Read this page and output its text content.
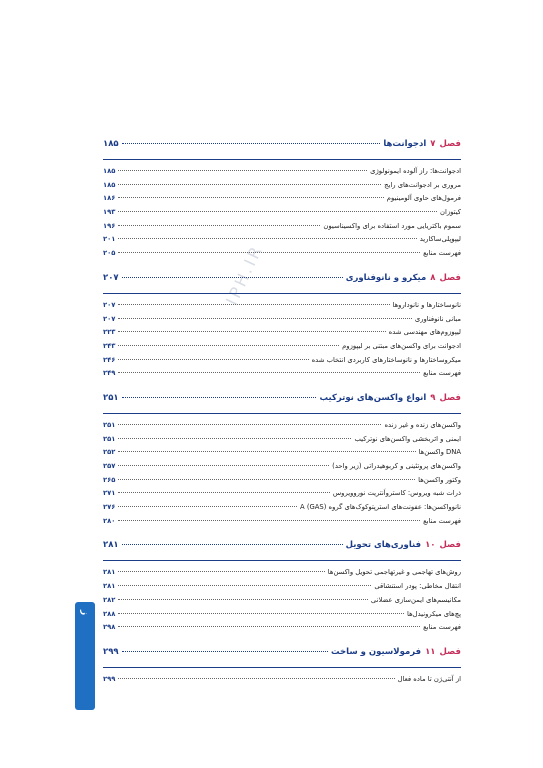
IPH.IR
فصل
۷
ادجوانت‌ها
۱۸۵
ادجوانت‌ها: راز آلوده ایمونولوژی
۱۸۵
مروری بر ادجوانت‌های رایج
۱۸۵
فرمول‌های حاوی آلومینیوم
۱۸۶
کیتوزان
۱۹۳
سموم باکتریایی مورد استفاده برای واکسیناسیون
۱۹۶
لیپوپلی‌ساکارید
۲۰۱
فهرست منابع
۲۰۵
فصل
۸
میکرو و نانوفناوری
۲۰۷
نانوساختارها و نانوداروها
۲۰۷
مبانی نانوفناوری
۲۰۷
لیپوزوم‌های مهندسی شده
۲۲۳
ادجوانت برای واکسن‌های مبتنی بر لیپوزوم
۲۴۳
میکروساختارها و نانوساختارهای کاربردی انتخاب شده
۲۴۶
فهرست منابع
۲۴۹
فصل
۹
انواع واکسن‌های نوترکیب
۲۵۱
واکسن‌های زنده و غیر زنده
۲۵۱
ایمنی و اثربخشی واکسن‌های نوترکیب
۲۵۱
DNA واکسن‌ها
۲۵۲
واکسن‌های پروتئینی و کربوهیدراتی (زیر واحد)
۲۵۷
وکتور واکسن‌ها
۲۶۵
ذرات شبه ویروس: کاسترواَنتریت نوروویروس
۲۷۱
نانوواکسن‌ها: عفونت‌های استرپتوکوک‌های گروه A (GAS)
۲۷۶
فهرست منابع
۲۸۰
فصل
۱۰
فناوری‌های تحویل
۲۸۱
روش‌های تهاجمی و غیرتهاجمی تحویل واکسن‌ها
۲۸۱
انتقال مخاطی: پودر استنشاقی
۲۸۱
مکانیسم‌های ایمن‌سازی عضلانی
۲۸۲
پچ‌های میکرونیدل‌ها
۲۸۸
فهرست منابع
۲۹۸
فصل
۱۱
فرمولاسیون و ساخت
۲۹۹
از آنتی‌ژن تا ماده فعال
۲۹۹
ز
